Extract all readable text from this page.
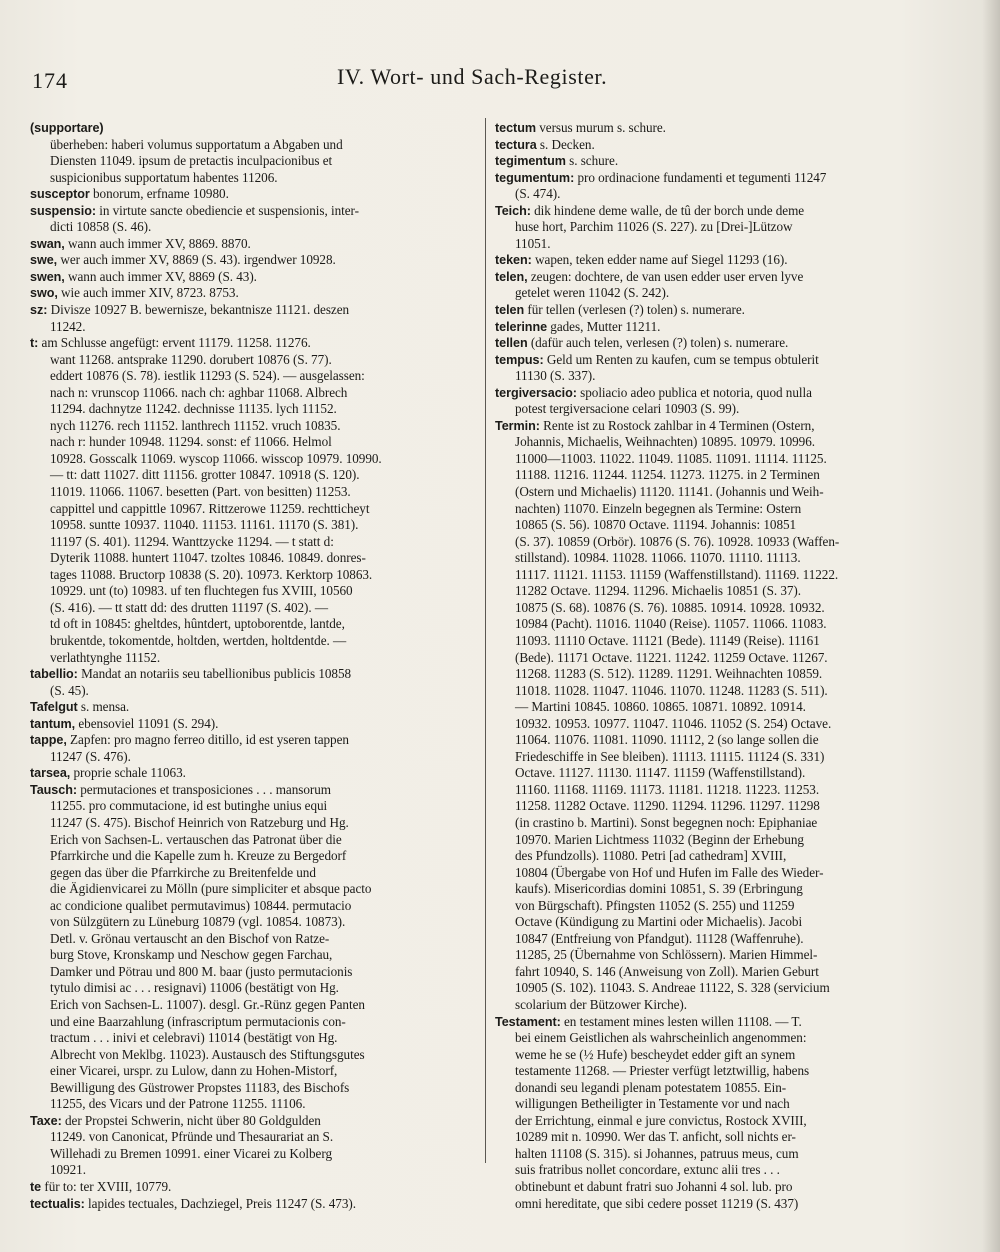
174	IV. Wort- und Sach-Register.
(supportare)
überheben: haberi volumus supportatum a Abgaben und
Diensten 11049. ipsum de pretactis inculpacionibus et
suspicionibus supportatum habentes 11206.
susceptor bonorum, erfname 10980.
suspensio: in virtute sancte obediencie et suspensionis, inter-
dicti 10858 (S. 46).
swan, wann auch immer XV, 8869. 8870.
swe, wer auch immer XV, 8869 (S. 43). irgendwer 10928.
swen, wann auch immer XV, 8869 (S. 43).
swo, wie auch immer XIV, 8723. 8753.
sz: Divisze 10927 B. bewernisze, bekantnisze 11121. deszen
11242.
t: am Schlusse angefügt: ervent 11179. 11258. 11276.
want 11268. antsprake 11290. dorubert 10876 (S. 77).
eddert 10876 (S. 78). iestlik 11293 (S. 524). — ausgelassen:
nach n: vrunscop 11066. nach ch: aghbar 11068. Albrech
11294. dachnytze 11242. dechnisse 11135. lych 11152.
nych 11276. rech 11152. lanthrech 11152. vruch 10835.
nach r: hunder 10948. 11294. sonst: ef 11066. Helmol
10928. Gosscalk 11069. wyscop 11066. wisscop 10979. 10990.
— tt: datt 11027. ditt 11156. grotter 10847. 10918 (S. 120).
11019. 11066. 11067. besetten (Part. von besitten) 11253.
cappittel und cappittle 10967. Rittzerowe 11259. rechtticheyt
10958. suntte 10937. 11040. 11153. 11161. 11170 (S. 381).
11197 (S. 401). 11294. Wanttzycke 11294. — t statt d:
Dyterik 11088. huntert 11047. tzoltes 10846. 10849. donres-
tages 11088. Bructorp 10838 (S. 20). 10973. Kerktorp 10863.
10929. unt (to) 10983. uf ten fluchtegen fus XVIII, 10560
(S. 416). — tt statt dd: des drutten 11197 (S. 402). —
td oft in 10845: gheltdes, hûntdert, uptoborentde, lantde,
brukentde, tokomentde, holtden, wertden, holtdentde. —
verlathtynghe 11152.
tabellio: Mandat an notariis seu tabellionibus publicis 10858
(S. 45).
Tafelgut s. mensa.
tantum, ebensoviel 11091 (S. 294).
tappe, Zapfen: pro magno ferreo ditillo, id est yseren tappen
11247 (S. 476).
tarsea, proprie schale 11063.
Tausch: permutaciones et transposiciones . . . mansorum
11255. pro commutacione, id est butinghe unius equi
11247 (S. 475). Bischof Heinrich von Ratzeburg und Hg.
Erich von Sachsen-L. vertauschen das Patronat über die
Pfarrkirche und die Kapelle zum h. Kreuze zu Bergedorf
gegen das über die Pfarrkirche zu Breitenfelde und
die Ägidienvicarei zu Mölln (pure simpliciter et absque pacto
ac condicione qualibet permutavimus) 10844. permutacio
von Sülzgütern zu Lüneburg 10879 (vgl. 10854. 10873).
Detl. v. Grönau vertauscht an den Bischof von Ratze-
burg Stove, Kronskamp und Neschow gegen Farchau,
Damker und Pötrau und 800 M. baar (justo permutacionis
tytulo dimisi ac . . . resignavi) 11006 (bestätigt von Hg.
Erich von Sachsen-L. 11007). desgl. Gr.-Rünz gegen Panten
und eine Baarzahlung (infrascriptum permutacionis con-
tractum . . . inivi et celebravi) 11014 (bestätigt von Hg.
Albrecht von Meklbg. 11023). Austausch des Stiftungsgutes
einer Vicarei, urspr. zu Lulow, dann zu Hohen-Mistorf,
Bewilligung des Güstrower Propstes 11183, des Bischofs
11255, des Vicars und der Patrone 11255. 11106.
Taxe: der Propstei Schwerin, nicht über 80 Goldgulden
11249. von Canonicat, Pfründe und Thesaurariat an S.
Willehadi zu Bremen 10991. einer Vicarei zu Kolberg
10921.
te für to: ter XVIII, 10779.
tectualis: lapides tectuales, Dachziegel, Preis 11247 (S. 473).
tectum versus murum s. schure.
tectura s. Decken.
tegimentum s. schure.
tegumentum: pro ordinacione fundamenti et tegumenti 11247
(S. 474).
Teich: dik hindene deme walle, de tû der borch unde deme
huse hort, Parchim 11026 (S. 227). zu [Drei-]Lützow
11051.
teken: wapen, teken edder name auf Siegel 11293 (16).
telen, zeugen: dochtere, de van usen edder user erven lyve
getelet weren 11042 (S. 242).
telen für tellen (verlesen (?) tolen) s. numerare.
telerinne gades, Mutter 11211.
tellen (dafür auch telen, verlesen (?) tolen) s. numerare.
tempus: Geld um Renten zu kaufen, cum se tempus obtulerit
11130 (S. 337).
tergiversacio: spoliacio adeo publica et notoria, quod nulla
potest tergiversacione celari 10903 (S. 99).
Termin: Rente ist zu Rostock zahlbar in 4 Terminen (Ostern,
Johannis, Michaelis, Weihnachten) 10895. 10979. 10996.
11000—11003. 11022. 11049. 11085. 11091. 11114. 11125.
11188. 11216. 11244. 11254. 11273. 11275. in 2 Terminen
(Ostern und Michaelis) 11120. 11141. (Johannis und Weih-
nachten) 11070. Einzeln begegnen als Termine: Ostern
10865 (S. 56). 10870 Octave. 11194. Johannis: 10851
(S. 37). 10859 (Orbör). 10876 (S. 76). 10928. 10933 (Waffen-
stillstand). 10984. 11028. 11066. 11070. 11110. 11113.
11117. 11121. 11153. 11159 (Waffenstillstand). 11169. 11222.
11282 Octave. 11294. 11296. Michaelis 10851 (S. 37).
10875 (S. 68). 10876 (S. 76). 10885. 10914. 10928. 10932.
10984 (Pacht). 11016. 11040 (Reise). 11057. 11066. 11083.
11093. 11110 Octave. 11121 (Bede). 11149 (Reise). 11161
(Bede). 11171 Octave. 11221. 11242. 11259 Octave. 11267.
11268. 11283 (S. 512). 11289. 11291. Weihnachten 10859.
11018. 11028. 11047. 11046. 11070. 11248. 11283 (S. 511).
— Martini 10845. 10860. 10865. 10871. 10892. 10914.
10932. 10953. 10977. 11047. 11046. 11052 (S. 254) Octave.
11064. 11076. 11081. 11090. 11112, 2 (so lange sollen die
Friedeschiffe in See bleiben). 11113. 11115. 11124 (S. 331)
Octave. 11127. 11130. 11147. 11159 (Waffenstillstand).
11160. 11168. 11169. 11173. 11181. 11218. 11223. 11253.
11258. 11282 Octave. 11290. 11294. 11296. 11297. 11298
(in crastino b. Martini). Sonst begegnen noch: Epiphaniae
10970. Marien Lichtmess 11032 (Beginn der Erhebung
des Pfundzolls). 11080. Petri [ad cathedram] XVIII,
10804 (Übergabe von Hof und Hufen im Falle des Wieder-
kaufs). Misericordias domini 10851, S. 39 (Erbringung
von Bürgschaft). Pfingsten 11052 (S. 255) und 11259
Octave (Kündigung zu Martini oder Michaelis). Jacobi
10847 (Entfreiung von Pfandgut). 11128 (Waffenruhe).
11285, 25 (Übernahme von Schlössern). Marien Himmel-
fahrt 10940, S. 146 (Anweisung von Zoll). Marien Geburt
10905 (S. 102). 11043. S. Andreae 11122, S. 328 (servicium
scolarium der Bützower Kirche).
Testament: en testament mines lesten willen 11108. — T.
bei einem Geistlichen als wahrscheinlich angenommen:
weme he se (½ Hufe) bescheydet edder gift an synem
testamente 11268. — Priester verfügt letztwillig, habens
donandi seu legandi plenam potestatem 10855. Ein-
willigungen Betheiligter in Testamente vor und nach
der Errichtung, einmal e jure convictus, Rostock XVIII,
10289 mit n. 10990. Wer das T. anficht, soll nichts er-
halten 11108 (S. 315). si Johannes, patruus meus, cum
suis fratribus nollet concordare, extunc alii tres . . .
obtinebunt et dabunt fratri suo Johanni 4 sol. lub. pro
omni hereditate, que sibi cedere posset 11219 (S. 437)
